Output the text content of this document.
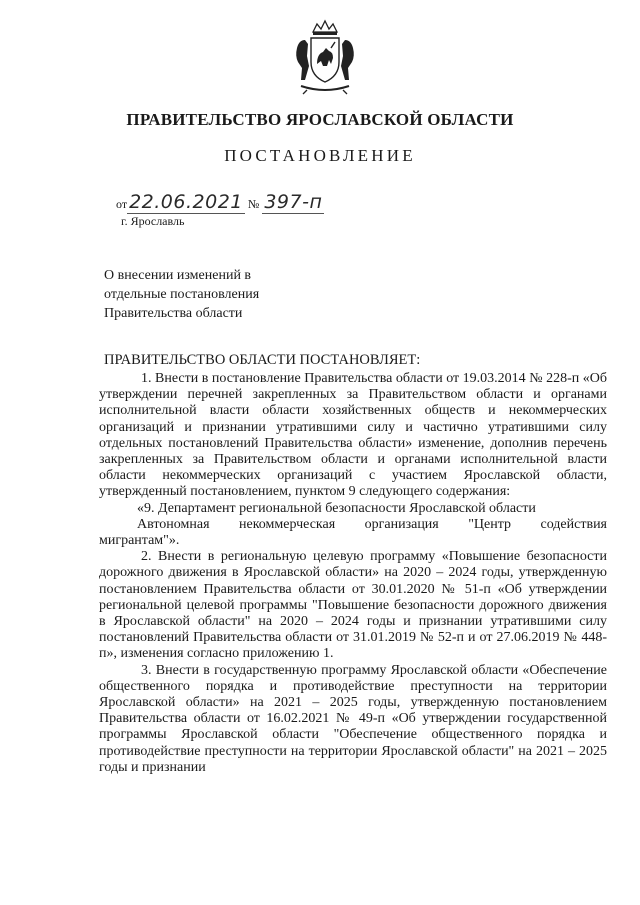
ПРАВИТЕЛЬСТВО ЯРОСЛАВСКОЙ ОБЛАСТИ
ПОСТАНОВЛЕНИЕ
от 22.06.2021 № 397-п
г. Ярославль
О внесении изменений в
отдельные постановления
Правительства области
ПРАВИТЕЛЬСТВО ОБЛАСТИ ПОСТАНОВЛЯЕТ:

1. Внести в постановление Правительства области от 19.03.2014 № 228-п «Об утверждении перечней закрепленных за Правительством области и органами исполнительной власти области хозяйственных обществ и некоммерческих организаций и признании утратившими силу и частично утратившими силу отдельных постановлений Правительства области» изменение, дополнив перечень закрепленных за Правительством области и органами исполнительной власти области некоммерческих организаций с участием Ярославской области, утвержденный постановлением, пунктом 9 следующего содержания:

«9. Департамент региональной безопасности Ярославской области

Автономная некоммерческая организация "Центр содействия

мигрантам"».

2. Внести в региональную целевую программу «Повышение безопасности дорожного движения в Ярославской области» на 2020 – 2024 годы, утвержденную постановлением Правительства области от 30.01.2020 № 51-п «Об утверждении региональной целевой программы "Повышение безопасности дорожного движения в Ярославской области" на 2020 – 2024 годы и признании утратившими силу постановлений Правительства области от 31.01.2019 № 52-п и от 27.06.2019 № 448-п», изменения согласно приложению 1.

3. Внести в государственную программу Ярославской области «Обеспечение общественного порядка и противодействие преступности на территории Ярославской области» на 2021 – 2025 годы, утвержденную постановлением Правительства области от 16.02.2021 № 49-п «Об утверждении государственной программы Ярославской области "Обеспечение общественного порядка и противодействие преступности на территории Ярославской области" на 2021 – 2025 годы и признании
